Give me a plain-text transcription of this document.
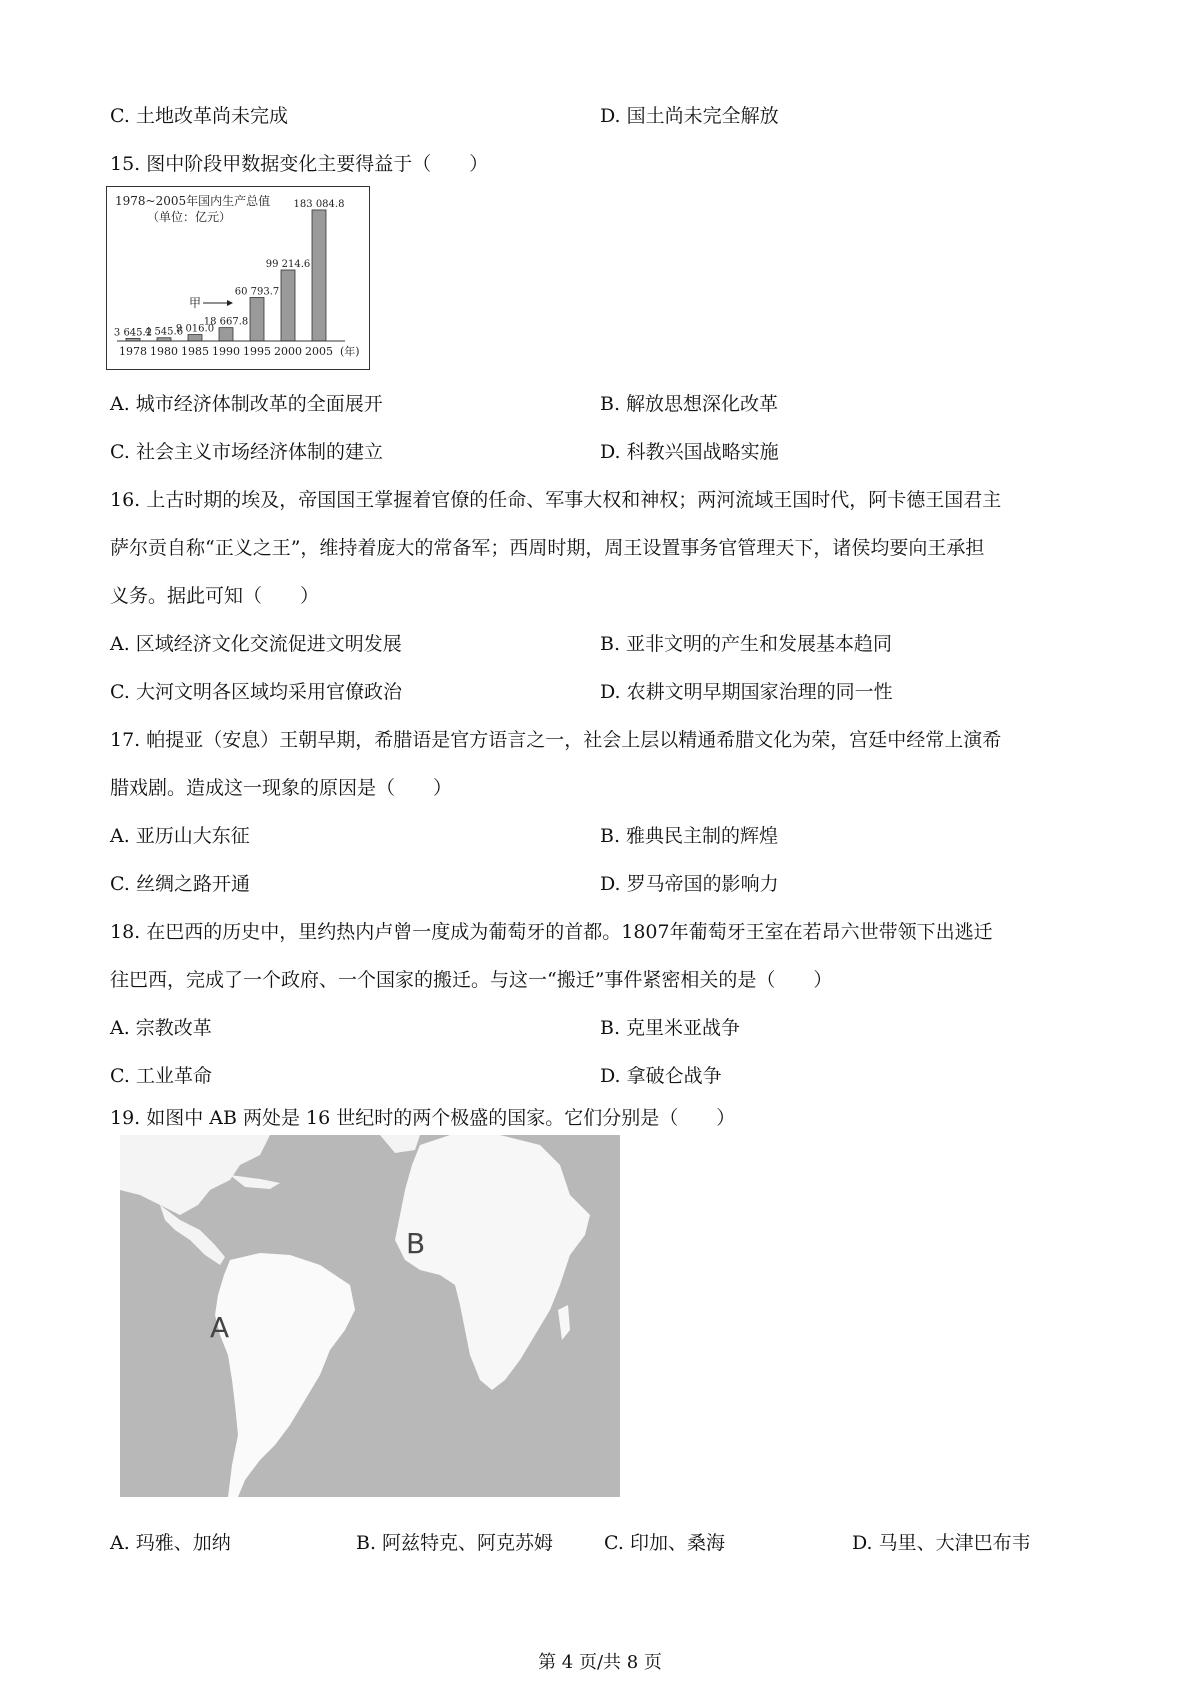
C. 土地改革尚未完成	D. 国土尚未完全解放
15. 图中阶段甲数据变化主要得益于（　　）
1978~2005年国内生产总值
（单位：亿元）
3 645.2
4 545.6
9 016.0
18 667.8
60 793.7
99 214.6
183 084.8
1978 1980 1985 1990 1995 2000 2005 (年)
甲
A. 城市经济体制改革的全面展开	B. 解放思想深化改革
C. 社会主义市场经济体制的建立	D. 科教兴国战略实施
16. 上古时期的埃及，帝国国王掌握着官僚的任命、军事大权和神权；两河流域王国时代，阿卡德王国君主
萨尔贡自称“正义之王”，维持着庞大的常备军；西周时期，周王设置事务官管理天下，诸侯均要向王承担
义务。据此可知（　　）
A. 区域经济文化交流促进文明发展	B. 亚非文明的产生和发展基本趋同
C. 大河文明各区域均采用官僚政治	D. 农耕文明早期国家治理的同一性
17. 帕提亚（安息）王朝早期，希腊语是官方语言之一，社会上层以精通希腊文化为荣，宫廷中经常上演希
腊戏剧。造成这一现象的原因是（　　）
A. 亚历山大东征	B. 雅典民主制的辉煌
C. 丝绸之路开通	D. 罗马帝国的影响力
18. 在巴西的历史中，里约热内卢曾一度成为葡萄牙的首都。1807年葡萄牙王室在若昂六世带领下出逃迁
往巴西，完成了一个政府、一个国家的搬迁。与这一“搬迁”事件紧密相关的是（　　）
A. 宗教改革	B. 克里米亚战争
C. 工业革命	D. 拿破仑战争
19. 如图中 AB 两处是 16 世纪时的两个极盛的国家。它们分别是（　　）
A
B
A. 玛雅、加纳	B. 阿兹特克、阿克苏姆	C. 印加、桑海	D. 马里、大津巴布韦
第 4 页/共 8 页
